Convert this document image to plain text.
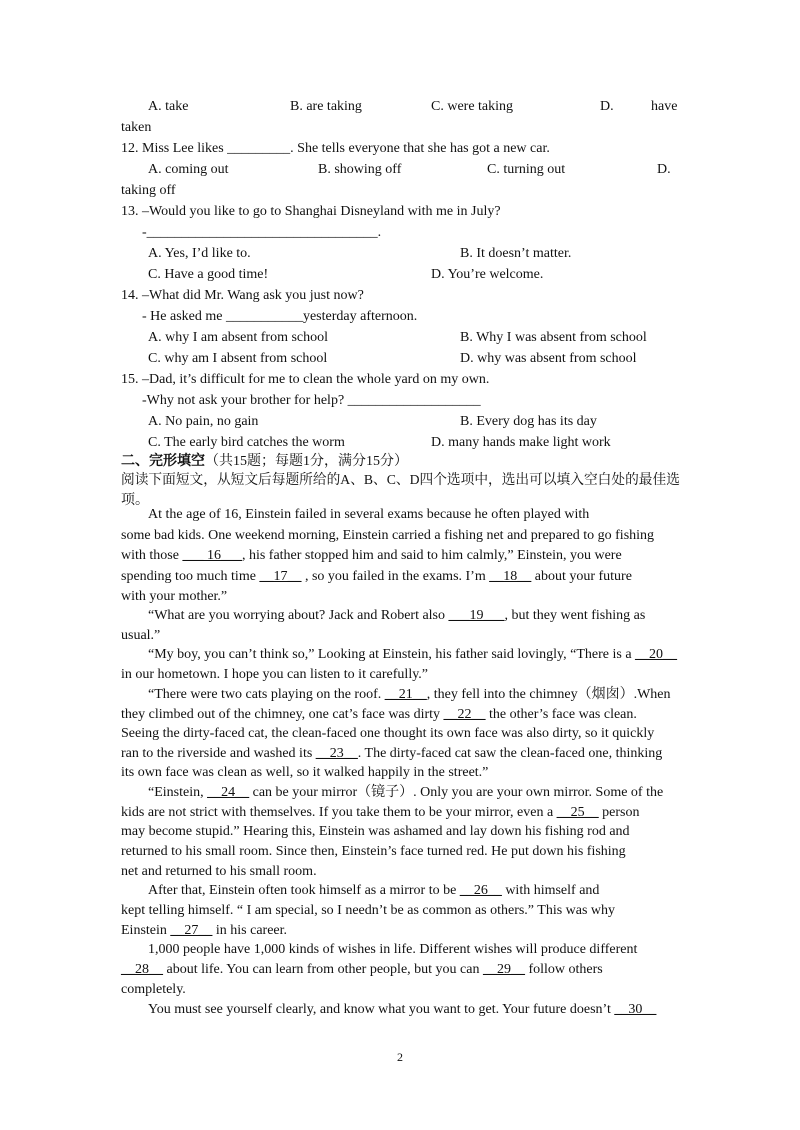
A. take	B. are taking	C. were taking	D.	have
taken
12. Miss Lee likes _________. She tells everyone that she has got a new car.
A. coming out	B. showing off	C. turning out	D.
taking off
13. –Would you like to go to Shanghai Disneyland with me in July?
-_________________________________.
A. Yes, I’d like to.	B. It doesn’t matter.
C. Have a good time!	D. You’re welcome.
14. –What did Mr. Wang ask you just now?
- He asked me ___________yesterday afternoon.
A. why I am absent from school	B. Why I was absent from school
C. why am I absent from school	D. why was absent from school
15. –Dad, it’s difficult for me to clean the whole yard on my own.
-Why not ask your brother for help? ___________________
A. No pain, no gain	B. Every dog has its day
C. The early bird catches the worm	D. many hands make light work
二、完形填空（共15题；每题1分，满分15分）
阅读下面短文，从短文后每题所给的A、B、C、D四个选项中，选出可以填入空白处的最佳选
项。
At the age of 16, Einstein failed in several exams because he often played with
some bad kids. One weekend morning, Einstein carried a fishing net and prepared to go fishing
with those ___ 16___, his father stopped him and said to him calmly,” Einstein, you were
spending too much time __17__ , so you failed in the exams. I’m __18__ about your future
with your mother.”
“What are you worrying about? Jack and Robert also ___19___, but they went fishing as
usual.”
“My boy, you can’t think so,” Looking at Einstein, his father said lovingly, “There is a __20__
in our hometown. I hope you can listen to it carefully.”
“There were two cats playing on the roof. __21__, they fell into the chimney（烟囱）.When
they climbed out of the chimney, one cat’s face was dirty __22__ the other’s face was clean.
Seeing the dirty-faced cat, the clean-faced one thought its own face was also dirty, so it quickly
ran to the riverside and washed its __23__. The dirty-faced cat saw the clean-faced one, thinking
its own face was clean as well, so it walked happily in the street.”
“Einstein, __24__ can be your mirror（镜子）. Only you are your own mirror. Some of the
kids are not strict with themselves. If you take them to be your mirror, even a __25__ person
may become stupid.” Hearing this, Einstein was ashamed and lay down his fishing rod and
returned to his small room. Since then, Einstein’s face turned red. He put down his fishing
net and returned to his small room.
After that, Einstein often took himself as a mirror to be __26__ with himself and
kept telling himself. “ I am special, so I needn’t be as common as others.” This was why
Einstein __27__ in his career.
1,000 people have 1,000 kinds of wishes in life. Different wishes will produce different
__28__ about life. You can learn from other people, but you can __29__ follow others
completely.
You must see yourself clearly, and know what you want to get. Your future doesn’t __30__
2
